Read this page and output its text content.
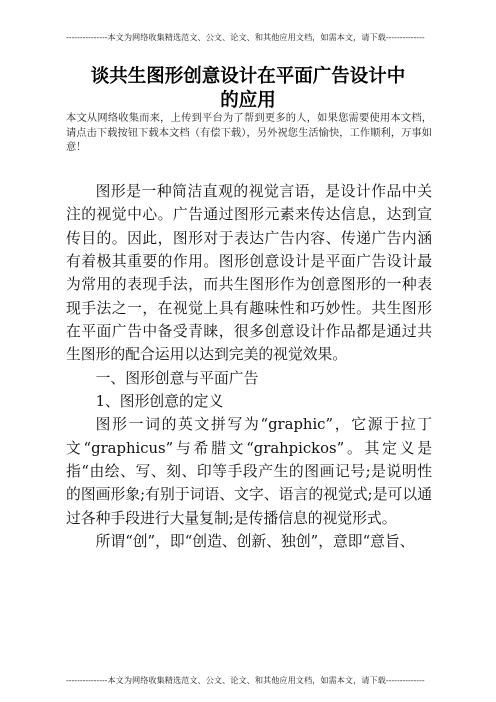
---------------本文为网络收集精选范文、公文、论文、和其他应用文档，如需本文，请下载--------------
谈共生图形创意设计在平面广告设计中
的应用
本文从网络收集而来，上传到平台为了帮到更多的人，如果您需要使用本文档，请点击下载按钮下载本文档（有偿下载），另外祝您生活愉快，工作顺利，万事如意！

图形是一种简洁直观的视觉言语，是设计作品中关注的视觉中心。广告通过图形元素来传达信息，达到宣传目的。因此，图形对于表达广告内容、传递广告内涵有着极其重要的作用。图形创意设计是平面广告设计最为常用的表现手法，而共生图形作为创意图形的一种表现手法之一，在视觉上具有趣味性和巧妙性。共生图形在平面广告中备受青睐，很多创意设计作品都是通过共生图形的配合运用以达到完美的视觉效果。

一、图形创意与平面广告

1、图形创意的定义

图形一词的英文拼写为“graphic”，它源于拉丁文“graphicus”与希腊文“grahpickos”。其定义是指“由绘、写、刻、印等手段产生的图画记号;是说明性的图画形象;有别于词语、文字、语言的视觉式;是可以通过各种手段进行大量复制;是传播信息的视觉形式。

所谓“创”，即“创造、创新、独创”，意即“意旨、

---------------本文为网络收集精选范文、公文、论文、和其他应用文档，如需本文，请下载--------------
